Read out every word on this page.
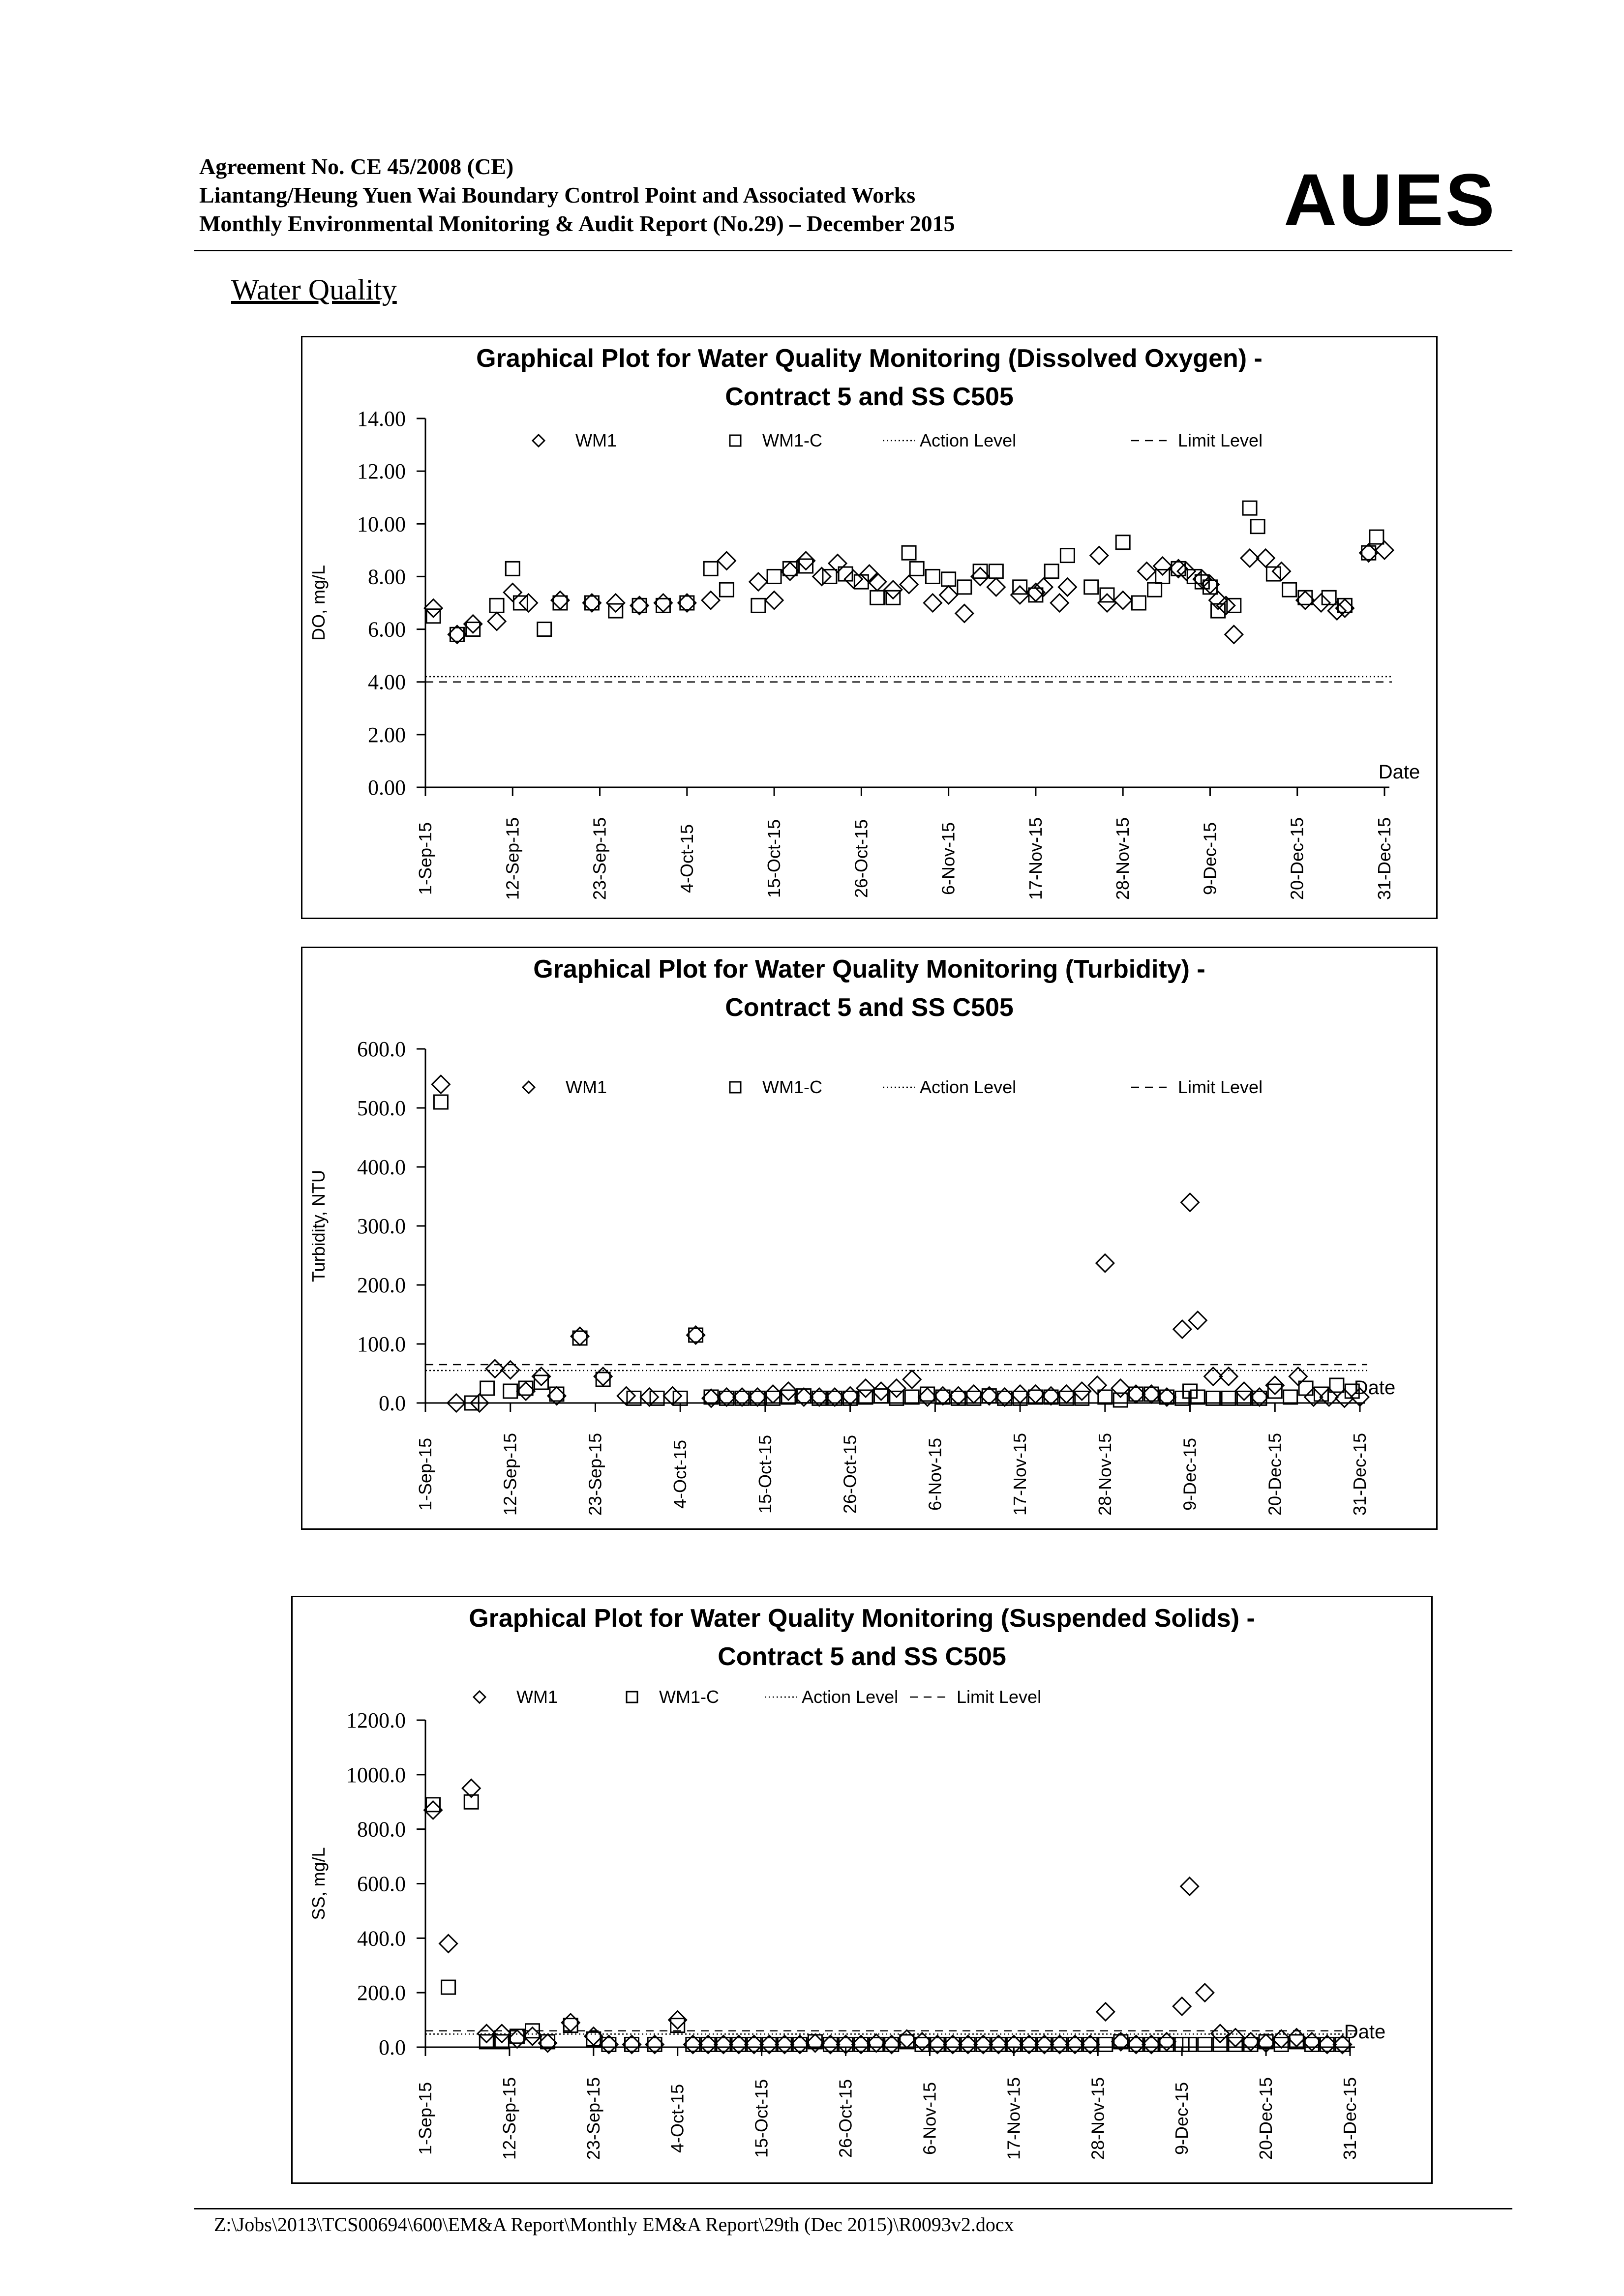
Agreement No. CE 45/2008 (CE)
Liantang/Heung Yuen Wai Boundary Control Point and Associated Works
Monthly Environmental Monitoring & Audit Report (No.29) – December 2015	AUES
Water Quality
Graphical Plot for Water Quality Monitoring (Dissolved Oxygen) -
Contract 5 and SS C505
0.00
2.00
4.00
6.00
8.00
10.00
12.00
14.00
DO, mg/L
1-Sep-15	12-Sep-15	23-Sep-15	4-Oct-15	15-Oct-15	26-Oct-15	6-Nov-15	17-Nov-15	28-Nov-15	9-Dec-15	20-Dec-15	31-Dec-15
Date
WM1	WM1-C	Action Level	Limit Level
Graphical Plot for Water Quality Monitoring (Turbidity) -
Contract 5 and SS C505
0.0
100.0
200.0
300.0
400.0
500.0
600.0
Turbidity, NTU
1-Sep-15	12-Sep-15	23-Sep-15	4-Oct-15	15-Oct-15	26-Oct-15	6-Nov-15	17-Nov-15	28-Nov-15	9-Dec-15	20-Dec-15	31-Dec-15
Date
WM1	WM1-C	Action Level	Limit Level
Graphical Plot for Water Quality Monitoring (Suspended Solids) -
Contract 5 and SS C505
0.0
200.0
400.0
600.0
800.0
1000.0
1200.0
SS, mg/L
1-Sep-15	12-Sep-15	23-Sep-15	4-Oct-15	15-Oct-15	26-Oct-15	6-Nov-15	17-Nov-15	28-Nov-15	9-Dec-15	20-Dec-15	31-Dec-15
Date
WM1	WM1-C	Action Level	Limit Level
Z:\Jobs\2013\TCS00694\600\EM&A Report\Monthly EM&A Report\29th (Dec 2015)\R0093v2.docx
